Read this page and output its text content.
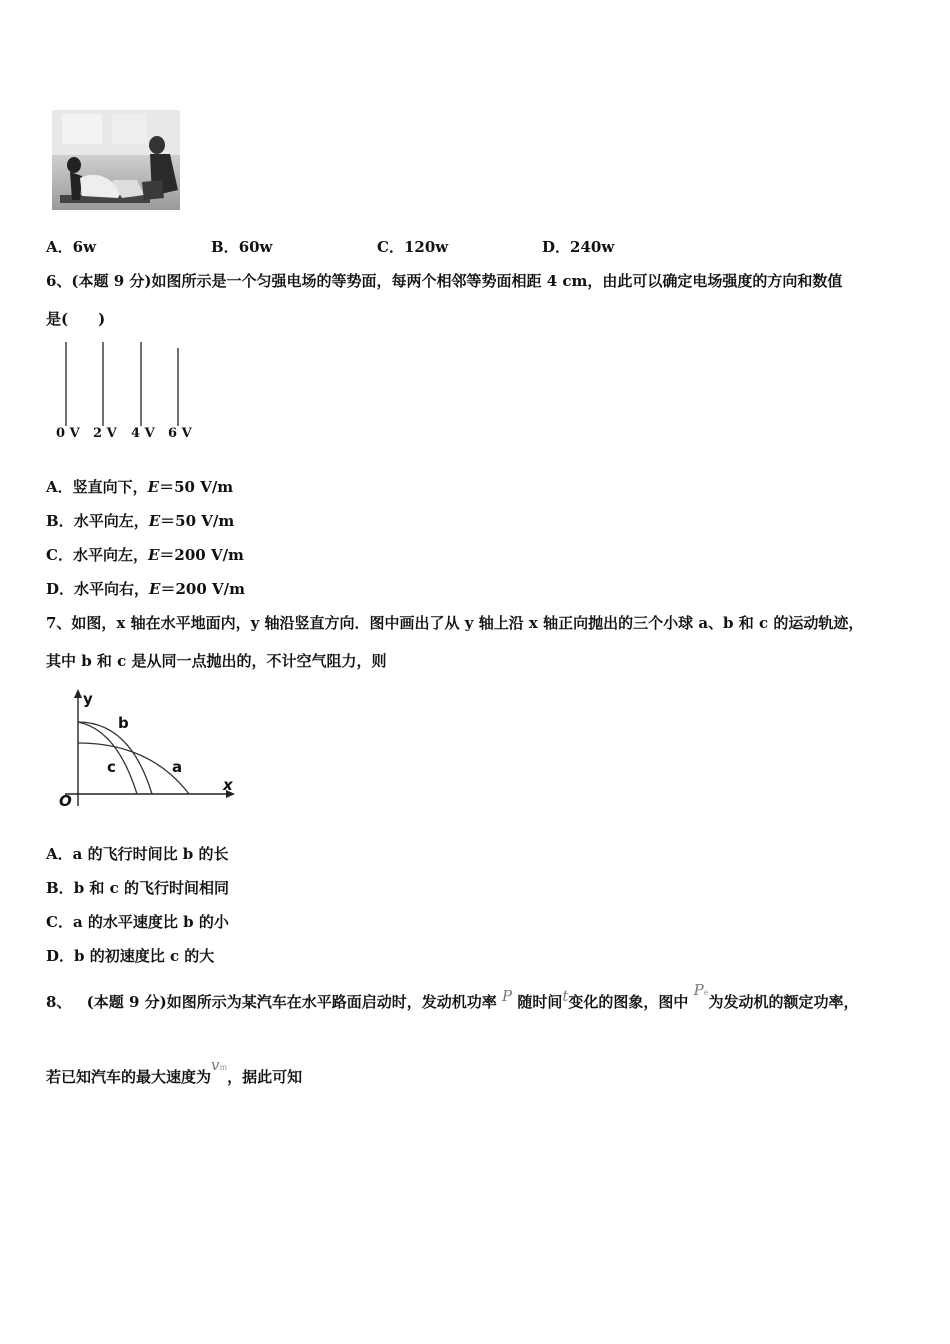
A．6w	B．60w	C．120w	D．240w
6、(本题 9 分)如图所示是一个匀强电场的等势面，每两个相邻等势面相距 4 cm，由此可以确定电场强度的方向和数值
是(　　)
0 V 2 V 4 V 6 V
A．竖直向下，E＝50 V/m
B．水平向左，E＝50 V/m
C．水平向左，E＝200 V/m
D．水平向右，E＝200 V/m
7、如图，x 轴在水平地面内，y 轴沿竖直方向．图中画出了从 y 轴上沿 x 轴正向抛出的三个小球 a、b 和 c 的运动轨迹，
其中 b 和 c 是从同一点抛出的，不计空气阻力，则
y
x
O
b
c	a
A．a 的飞行时间比 b 的长
B．b 和 c 的飞行时间相同
C．a 的水平速度比 b 的小
D．b 的初速度比 c 的大
8、 (本题 9 分)如图所示为某汽车在水平路面启动时，发动机功率 P 随时间t变化的图象，图中 Pe为发动机的额定功率，
若已知汽车的最大速度为vm，据此可知
